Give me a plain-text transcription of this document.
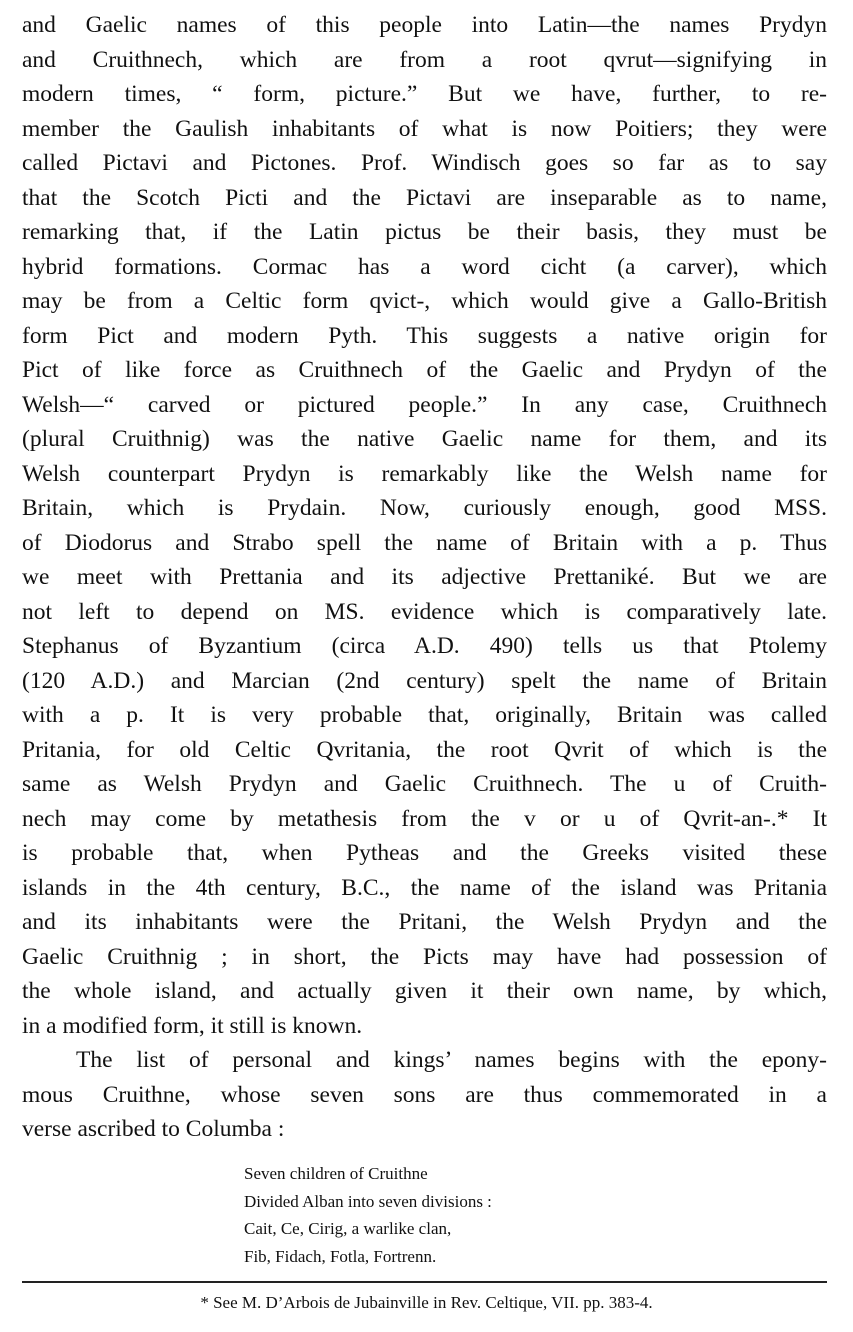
and Gaelic names of this people into Latin—the names Prydyn
and Cruithnech, which are from a root qvrut—signifying in
modern times, “ form, picture.” But we have, further, to re-
member the Gaulish inhabitants of what is now Poitiers; they were
called Pictavi and Pictones. Prof. Windisch goes so far as to say
that the Scotch Picti and the Pictavi are inseparable as to name,
remarking that, if the Latin pictus be their basis, they must be
hybrid formations. Cormac has a word cicht (a carver), which
may be from a Celtic form qvict-, which would give a Gallo-British
form Pict and modern Pyth. This suggests a native origin for
Pict of like force as Cruithnech of the Gaelic and Prydyn of the
Welsh—“ carved or pictured people.” In any case, Cruithnech
(plural Cruithnig) was the native Gaelic name for them, and its
Welsh counterpart Prydyn is remarkably like the Welsh name for
Britain, which is Prydain. Now, curiously enough, good MSS.
of Diodorus and Strabo spell the name of Britain with a p. Thus
we meet with Prettania and its adjective Prettaniké. But we are
not left to depend on MS. evidence which is comparatively late.
Stephanus of Byzantium (circa A.D. 490) tells us that Ptolemy
(120 A.D.) and Marcian (2nd century) spelt the name of Britain
with a p. It is very probable that, originally, Britain was called
Pritania, for old Celtic Qvritania, the root Qvrit of which is the
same as Welsh Prydyn and Gaelic Cruithnech. The u of Cruith-
nech may come by metathesis from the v or u of Qvrit-an-.* It
is probable that, when Pytheas and the Greeks visited these
islands in the 4th century, B.C., the name of the island was Pritania
and its inhabitants were the Pritani, the Welsh Prydyn and the
Gaelic Cruithnig ; in short, the Picts may have had possession of
the whole island, and actually given it their own name, by which,
in a modified form, it still is known.
The list of personal and kings’ names begins with the epony-
mous Cruithne, whose seven sons are thus commemorated in a
verse ascribed to Columba :
Seven children of Cruithne
Divided Alban into seven divisions :
Cait, Ce, Cirig, a warlike clan,
Fib, Fidach, Fotla, Fortrenn.
* See M. D’Arbois de Jubainville in Rev. Celtique, VII. pp. 383-4.
